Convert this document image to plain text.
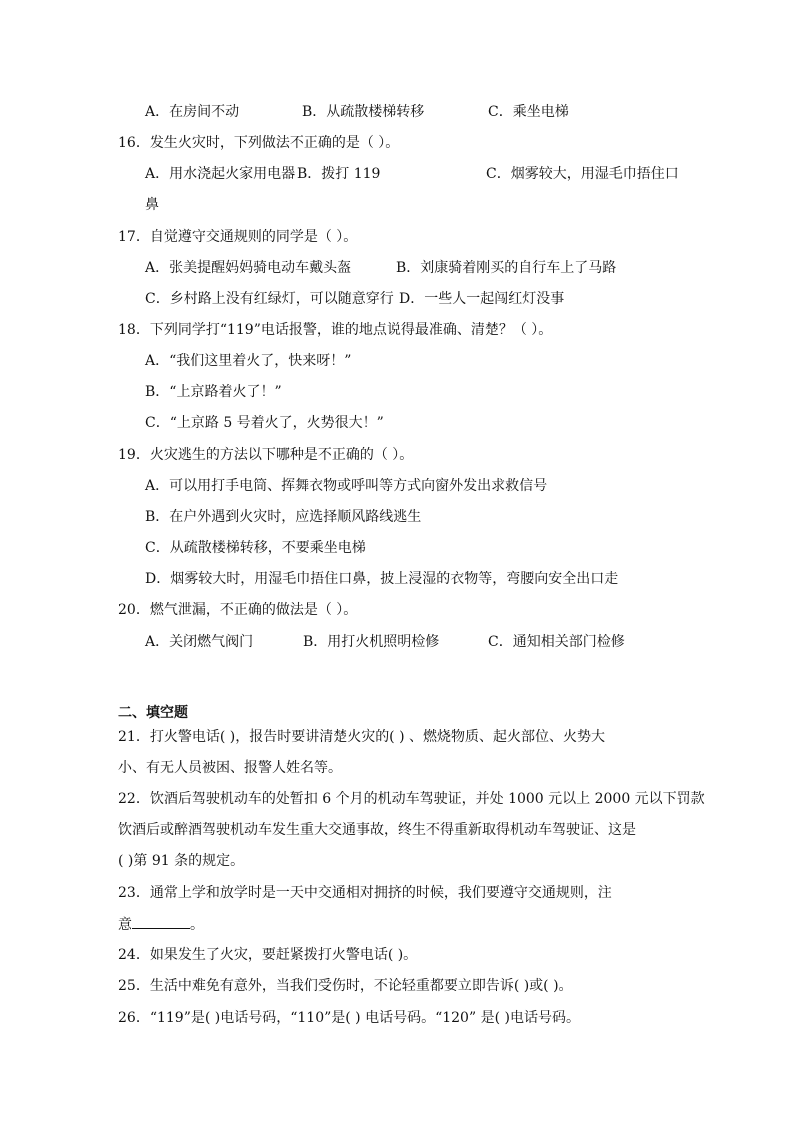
A．在房间不动	B．从疏散楼梯转移	C．乘坐电梯
16．发生火灾时，下列做法不正确的是（ ）。
A．用水浇起火家用电器 B．拨打 119	C．烟雾较大，用湿毛巾捂住口
鼻
17．自觉遵守交通规则的同学是（ ）。
A．张美提醒妈妈骑电动车戴头盔	B．刘康骑着刚买的自行车上了马路
C．乡村路上没有红绿灯，可以随意穿行 D．一些人一起闯红灯没事
18．下列同学打“119”电话报警，谁的地点说得最准确、清楚？（ ）。
A．“我们这里着火了，快来呀！”
B．“上京路着火了！”
C．“上京路 5 号着火了，火势很大！”
19．火灾逃生的方法以下哪种是不正确的（ ）。
A．可以用打手电筒、挥舞衣物或呼叫等方式向窗外发出求救信号
B．在户外遇到火灾时，应选择顺风路线逃生
C．从疏散楼梯转移，不要乘坐电梯
D．烟雾较大时，用湿毛巾捂住口鼻，披上浸湿的衣物等，弯腰向安全出口走
20．燃气泄漏，不正确的做法是（ ）。
A．关闭燃气阀门	B．用打火机照明检修	C．通知相关部门检修
二、填空题
21．打火警电话( )，报告时要讲清楚火灾的( ) 、燃烧物质、起火部位、火势大
小、有无人员被困、报警人姓名等。
22．饮酒后驾驶机动车的处暂扣 6 个月的机动车驾驶证，并处 1000 元以上 2000 元以下罚款
饮酒后或醉酒驾驶机动车发生重大交通事故，终生不得重新取得机动车驾驶证、这是
( )第 91 条的规定。
23．通常上学和放学时是一天中交通相对拥挤的时候，我们要遵守交通规则，注
意	。
24．如果发生了火灾，要赶紧拨打火警电话( )。
25．生活中难免有意外，当我们受伤时，不论轻重都要立即告诉( )或( )。
26．“119”是( )电话号码，“110”是( ) 电话号码。“120” 是( )电话号码。
